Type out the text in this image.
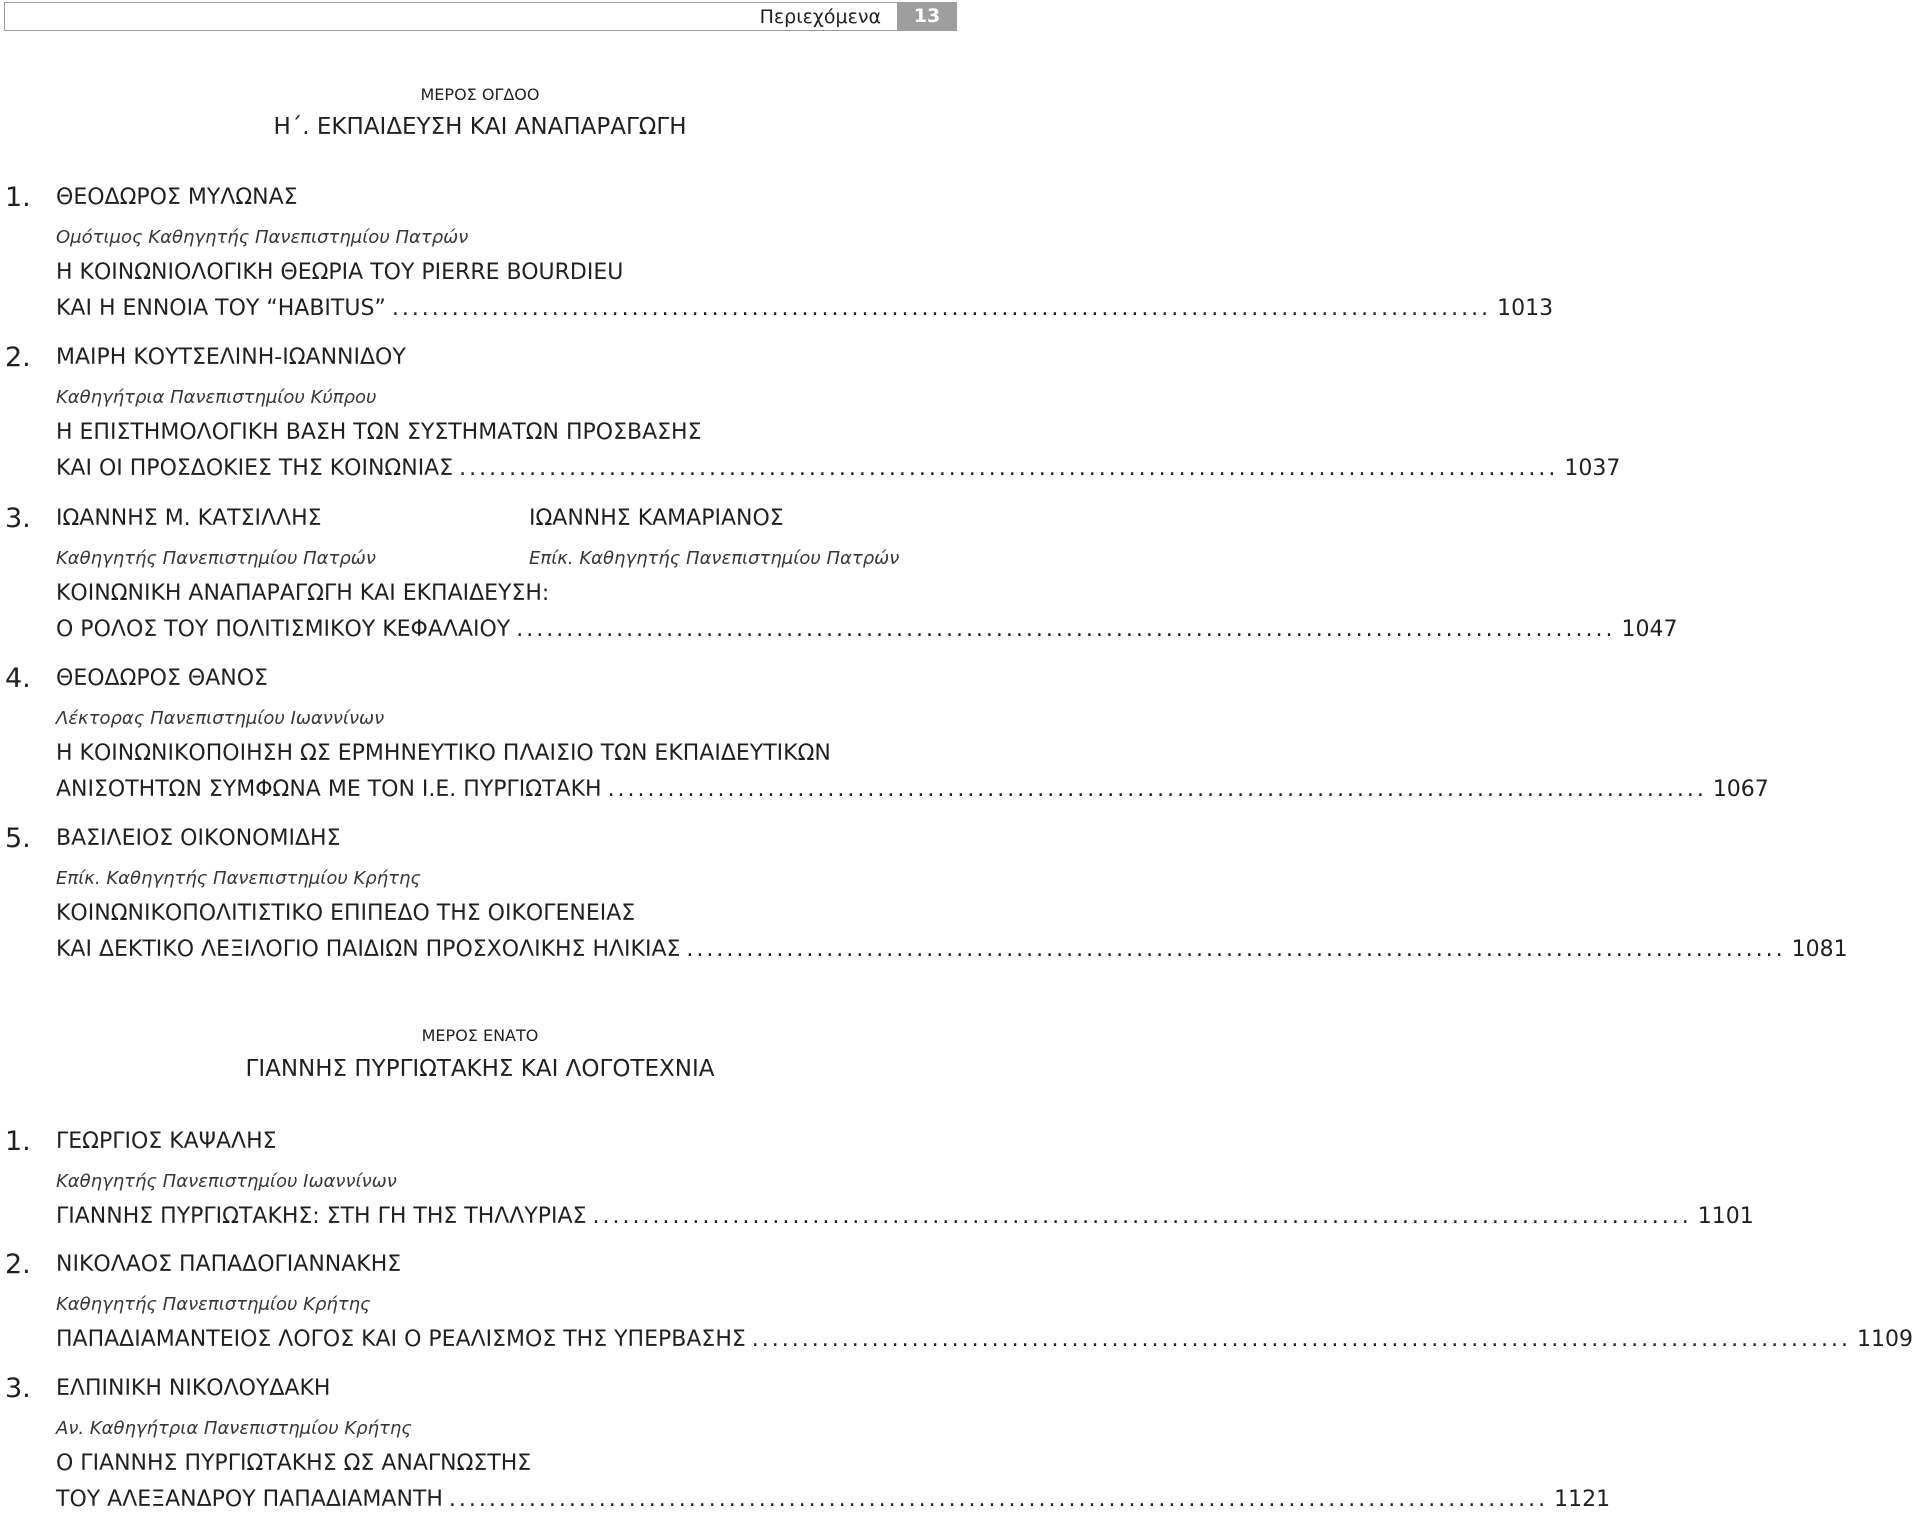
Περιεχόμενα	13
ΜΕΡΟΣ ΟΓΔΟΟ
Η΄. ΕΚΠΑΙΔΕΥΣΗ ΚΑΙ ΑΝΑΠΑΡΑΓΩΓΗ
1. ΘΕΟΔΩΡΟΣ ΜΥΛΩΝΑΣ
Ομότιμος Καθηγητής Πανεπιστημίου Πατρών
Η ΚΟΙΝΩΝΙΟΛΟΓΙΚΗ ΘΕΩΡΙΑ ΤΟΥ PIERRE BOURDIEU
ΚΑΙ Η ΕΝΝΟΙΑ ΤΟΥ “HABITUS” .............................................................................................................. 1013
2. ΜΑΙΡΗ ΚΟΥΤΣΕΛΙΝΗ-ΙΩΑΝΝΙΔΟΥ
Καθηγήτρια Πανεπιστημίου Κύπρου
Η ΕΠΙΣΤΗΜΟΛΟΓΙΚΗ ΒΑΣΗ ΤΩΝ ΣΥΣΤΗΜΑΤΩΝ ΠΡΟΣΒΑΣΗΣ
ΚΑΙ ΟΙ ΠΡΟΣΔΟΚΙΕΣ ΤΗΣ ΚΟΙΝΩΝΙΑΣ .............................................................................................................. 1037
3. ΙΩΑΝΝΗΣ Μ. ΚΑΤΣΙΛΛΗΣ	ΙΩΑΝΝΗΣ ΚΑΜΑΡΙΑΝΟΣ
Καθηγητής Πανεπιστημίου Πατρών	Επίκ. Καθηγητής Πανεπιστημίου Πατρών
ΚΟΙΝΩΝΙΚΗ ΑΝΑΠΑΡΑΓΩΓΗ ΚΑΙ ΕΚΠΑΙΔΕΥΣΗ:
Ο ΡΟΛΟΣ ΤΟΥ ΠΟΛΙΤΙΣΜΙΚΟΥ ΚΕΦΑΛΑΙΟΥ .............................................................................................................. 1047
4. ΘΕΟΔΩΡΟΣ ΘΑΝΟΣ
Λέκτορας Πανεπιστημίου Ιωαννίνων
Η ΚΟΙΝΩΝΙΚΟΠΟΙΗΣΗ ΩΣ ΕΡΜΗΝΕΥΤΙΚΟ ΠΛΑΙΣΙΟ ΤΩΝ ΕΚΠΑΙΔΕΥΤΙΚΩΝ
ΑΝΙΣΟΤΗΤΩΝ ΣΥΜΦΩΝΑ ΜΕ ΤΟΝ Ι.Ε. ΠΥΡΓΙΩΤΑΚΗ .............................................................................................................. 1067
5. ΒΑΣΙΛΕΙΟΣ ΟΙΚΟΝΟΜΙΔΗΣ
Επίκ. Καθηγητής Πανεπιστημίου Κρήτης
ΚΟΙΝΩΝΙΚΟΠΟΛΙΤΙΣΤΙΚΟ ΕΠΙΠΕΔΟ ΤΗΣ ΟΙΚΟΓΕΝΕΙΑΣ
ΚΑΙ ΔΕΚΤΙΚΟ ΛΕΞΙΛΟΓΙΟ ΠΑΙΔΙΩΝ ΠΡΟΣΧΟΛΙΚΗΣ ΗΛΙΚΙΑΣ .............................................................................................................. 1081
ΜΕΡΟΣ ΕΝΑΤΟ
ΓΙΑΝΝΗΣ ΠΥΡΓΙΩΤΑΚΗΣ ΚΑΙ ΛΟΓΟΤΕΧΝΙΑ
1. ΓΕΩΡΓΙΟΣ ΚΑΨΑΛΗΣ
Καθηγητής Πανεπιστημίου Ιωαννίνων
ΓΙΑΝΝΗΣ ΠΥΡΓΙΩΤΑΚΗΣ: ΣΤΗ ΓΗ ΤΗΣ ΤΗΛΛΥΡΙΑΣ .............................................................................................................. 1101
2. ΝΙΚΟΛΑΟΣ ΠΑΠΑΔΟΓΙΑΝΝΑΚΗΣ
Καθηγητής Πανεπιστημίου Κρήτης
ΠΑΠΑΔΙΑΜΑΝΤΕΙΟΣ ΛΟΓΟΣ ΚΑΙ Ο ΡΕΑΛΙΣΜΟΣ ΤΗΣ ΥΠΕΡΒΑΣΗΣ .............................................................................................................. 1109
3. ΕΛΠΙΝΙΚΗ ΝΙΚΟΛΟΥΔΑΚΗ
Αν. Καθηγήτρια Πανεπιστημίου Κρήτης
Ο ΓΙΑΝΝΗΣ ΠΥΡΓΙΩΤΑΚΗΣ ΩΣ ΑΝΑΓΝΩΣΤΗΣ
ΤΟΥ ΑΛΕΞΑΝΔΡΟΥ ΠΑΠΑΔΙΑΜΑΝΤΗ .............................................................................................................. 1121
